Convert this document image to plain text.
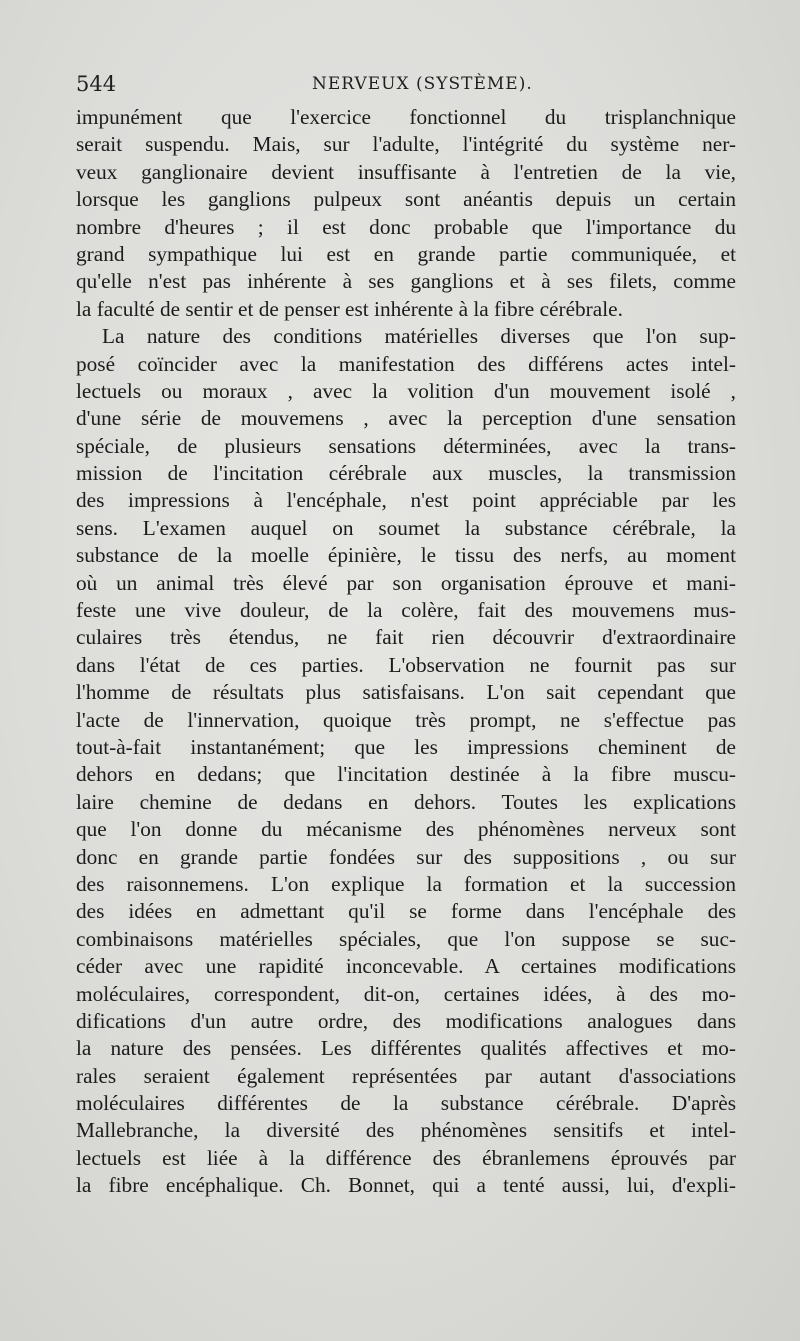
544	NERVEUX (SYSTÈME).
impunément que l'exercice fonctionnel du trisplanchnique
serait suspendu. Mais, sur l'adulte, l'intégrité du système ner-
veux ganglionaire devient insuffisante à l'entretien de la vie,
lorsque les ganglions pulpeux sont anéantis depuis un certain
nombre d'heures ; il est donc probable que l'importance du
grand sympathique lui est en grande partie communiquée, et
qu'elle n'est pas inhérente à ses ganglions et à ses filets, comme
la faculté de sentir et de penser est inhérente à la fibre cérébrale.
La nature des conditions matérielles diverses que l'on sup-
posé coïncider avec la manifestation des différens actes intel-
lectuels ou moraux , avec la volition d'un mouvement isolé ,
d'une série de mouvemens , avec la perception d'une sensation
spéciale, de plusieurs sensations déterminées, avec la trans-
mission de l'incitation cérébrale aux muscles, la transmission
des impressions à l'encéphale, n'est point appréciable par les
sens. L'examen auquel on soumet la substance cérébrale, la
substance de la moelle épinière, le tissu des nerfs, au moment
où un animal très élevé par son organisation éprouve et mani-
feste une vive douleur, de la colère, fait des mouvemens mus-
culaires très étendus, ne fait rien découvrir d'extraordinaire
dans l'état de ces parties. L'observation ne fournit pas sur
l'homme de résultats plus satisfaisans. L'on sait cependant que
l'acte de l'innervation, quoique très prompt, ne s'effectue pas
tout-à-fait instantanément; que les impressions cheminent de
dehors en dedans; que l'incitation destinée à la fibre muscu-
laire chemine de dedans en dehors. Toutes les explications
que l'on donne du mécanisme des phénomènes nerveux sont
donc en grande partie fondées sur des suppositions , ou sur
des raisonnemens. L'on explique la formation et la succession
des idées en admettant qu'il se forme dans l'encéphale des
combinaisons matérielles spéciales, que l'on suppose se suc-
céder avec une rapidité inconcevable. A certaines modifications
moléculaires, correspondent, dit-on, certaines idées, à des mo-
difications d'un autre ordre, des modifications analogues dans
la nature des pensées. Les différentes qualités affectives et mo-
rales seraient également représentées par autant d'associations
moléculaires différentes de la substance cérébrale. D'après
Mallebranche, la diversité des phénomènes sensitifs et intel-
lectuels est liée à la différence des ébranlemens éprouvés par
la fibre encéphalique. Ch. Bonnet, qui a tenté aussi, lui, d'expli-
